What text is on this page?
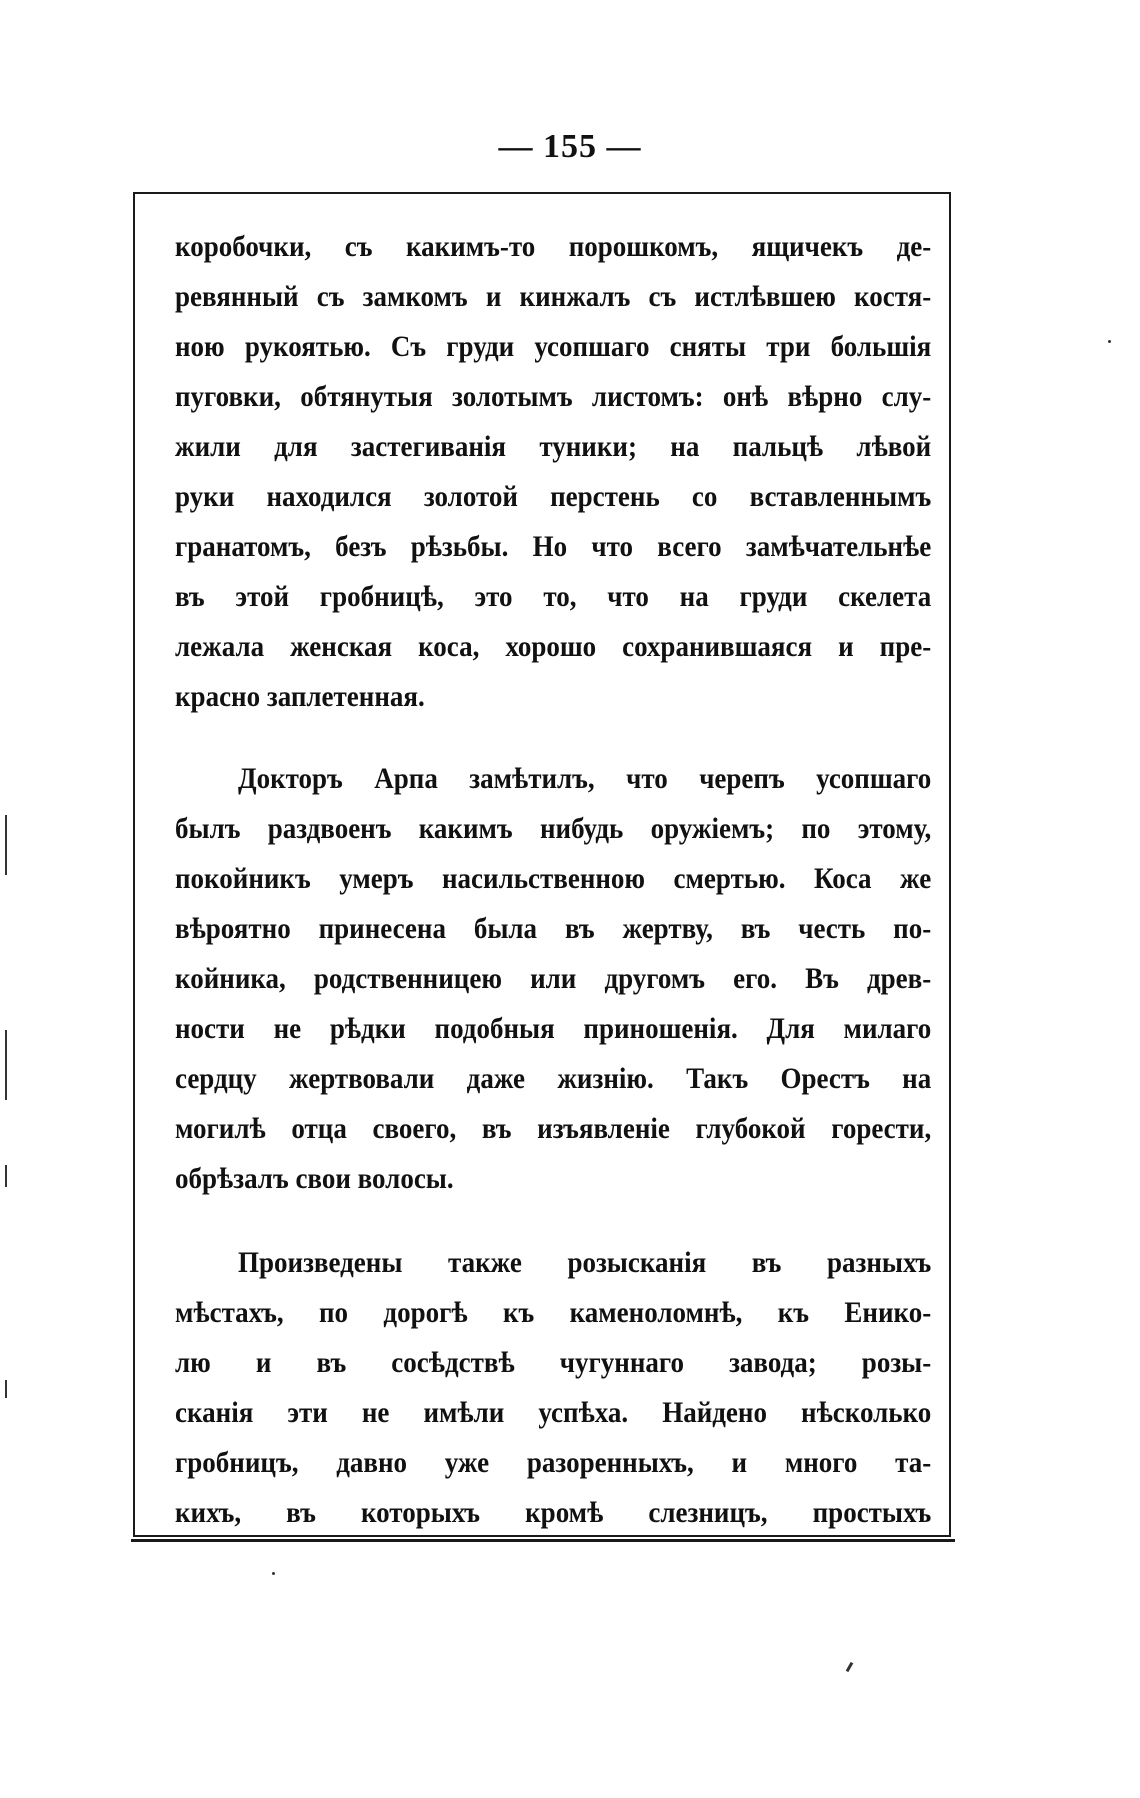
— 155 —
коробочки, съ какимъ-то порошкомъ, ящичекъ де-
ревянный съ замкомъ и кинжалъ съ истлѣвшею костя-
ною рукоятью. Съ груди усопшаго сняты три большія
пуговки, обтянутыя золотымъ листомъ: онѣ вѣрно слу-
жили для застегиванія туники; на пальцѣ лѣвой
руки находился золотой перстень со вставленнымъ
гранатомъ, безъ рѣзьбы. Но что всего замѣчательнѣе
въ этой гробницѣ, это то, что на груди скелета
лежала женская коса, хорошо сохранившаяся и пре-
красно заплетенная.
Докторъ Арпа замѣтилъ, что черепъ усопшаго
былъ раздвоенъ какимъ нибудь оружіемъ; по этому,
покойникъ умеръ насильственною смертью. Коса же
вѣроятно принесена была въ жертву, въ честь по-
койника, родственницею или другомъ его. Въ древ-
ности не рѣдки подобныя приношенія. Для милаго
сердцу жертвовали даже жизнію. Такъ Орестъ на
могилѣ отца своего, въ изъявленіе глубокой горести,
обрѣзалъ свои волосы.
Произведены также розысканія въ разныхъ
мѣстахъ, по дорогѣ къ каменоломнѣ, къ Енико-
лю и въ сосѣдствѣ чугуннаго завода; розы-
сканія эти не имѣли успѣха. Найдено нѣсколько
гробницъ, давно уже разоренныхъ, и много та-
кихъ, въ которыхъ кромѣ слезницъ, простыхъ
